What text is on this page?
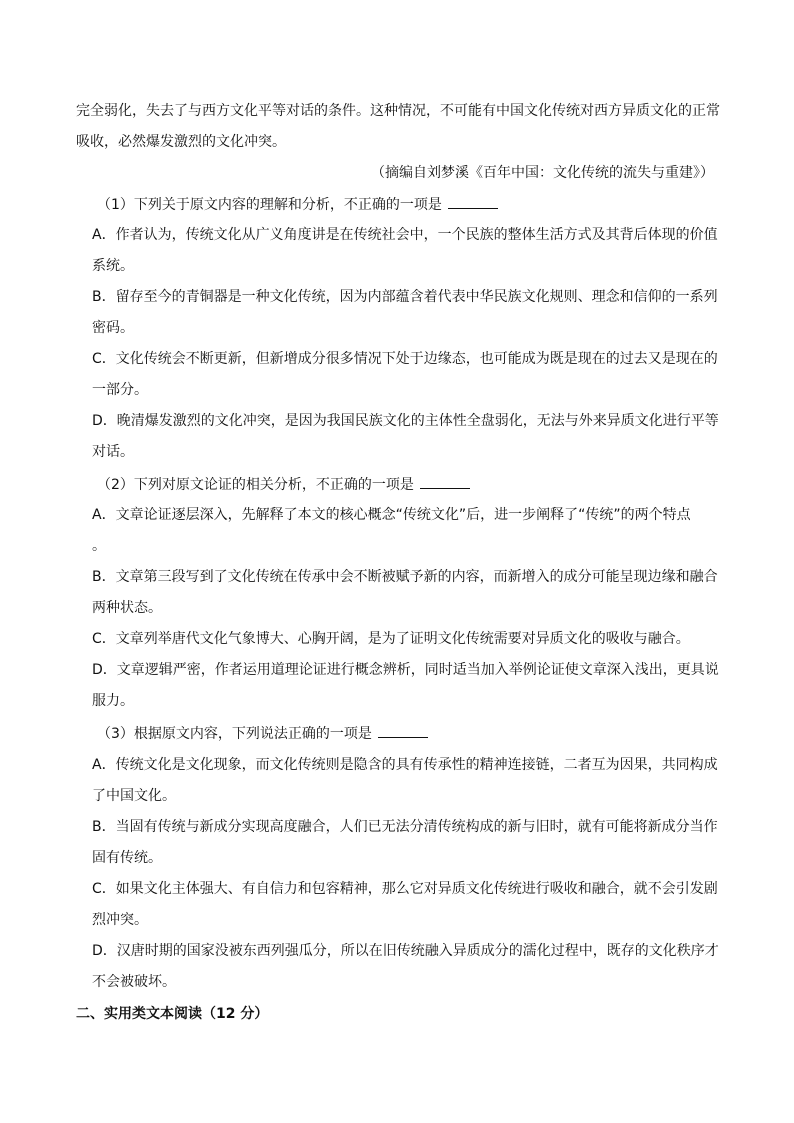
完全弱化，失去了与西方文化平等对话的条件。这种情况，不可能有中国文化传统对西方异质文化的正常
吸收，必然爆发激烈的文化冲突。
（摘编自刘梦溪《百年中国：文化传统的流失与重建》）
（1）下列关于原文内容的理解和分析，不正确的一项是
A．作者认为，传统文化从广义角度讲是在传统社会中，一个民族的整体生活方式及其背后体现的价值
系统。
B．留存至今的青铜器是一种文化传统，因为内部蕴含着代表中华民族文化规则、理念和信仰的一系列
密码。
C．文化传统会不断更新，但新增成分很多情况下处于边缘态，也可能成为既是现在的过去又是现在的
一部分。
D．晚清爆发激烈的文化冲突，是因为我国民族文化的主体性全盘弱化，无法与外来异质文化进行平等
对话。
（2）下列对原文论证的相关分析，不正确的一项是
A．文章论证逐层深入，先解释了本文的核心概念“传统文化”后，进一步阐释了“传统”的两个特点
。
B．文章第三段写到了文化传统在传承中会不断被赋予新的内容，而新增入的成分可能呈现边缘和融合
两种状态。
C．文章列举唐代文化气象博大、心胸开阔，是为了证明文化传统需要对异质文化的吸收与融合。
D．文章逻辑严密，作者运用道理论证进行概念辨析，同时适当加入举例论证使文章深入浅出，更具说
服力。
（3）根据原文内容，下列说法正确的一项是
A．传统文化是文化现象，而文化传统则是隐含的具有传承性的精神连接链，二者互为因果，共同构成
了中国文化。
B．当固有传统与新成分实现高度融合，人们已无法分清传统构成的新与旧时，就有可能将新成分当作
固有传统。
C．如果文化主体强大、有自信力和包容精神，那么它对异质文化传统进行吸收和融合，就不会引发剧
烈冲突。
D．汉唐时期的国家没被东西列强瓜分，所以在旧传统融入异质成分的濡化过程中，既存的文化秩序才
不会被破坏。
二、实用类文本阅读（12 分）
